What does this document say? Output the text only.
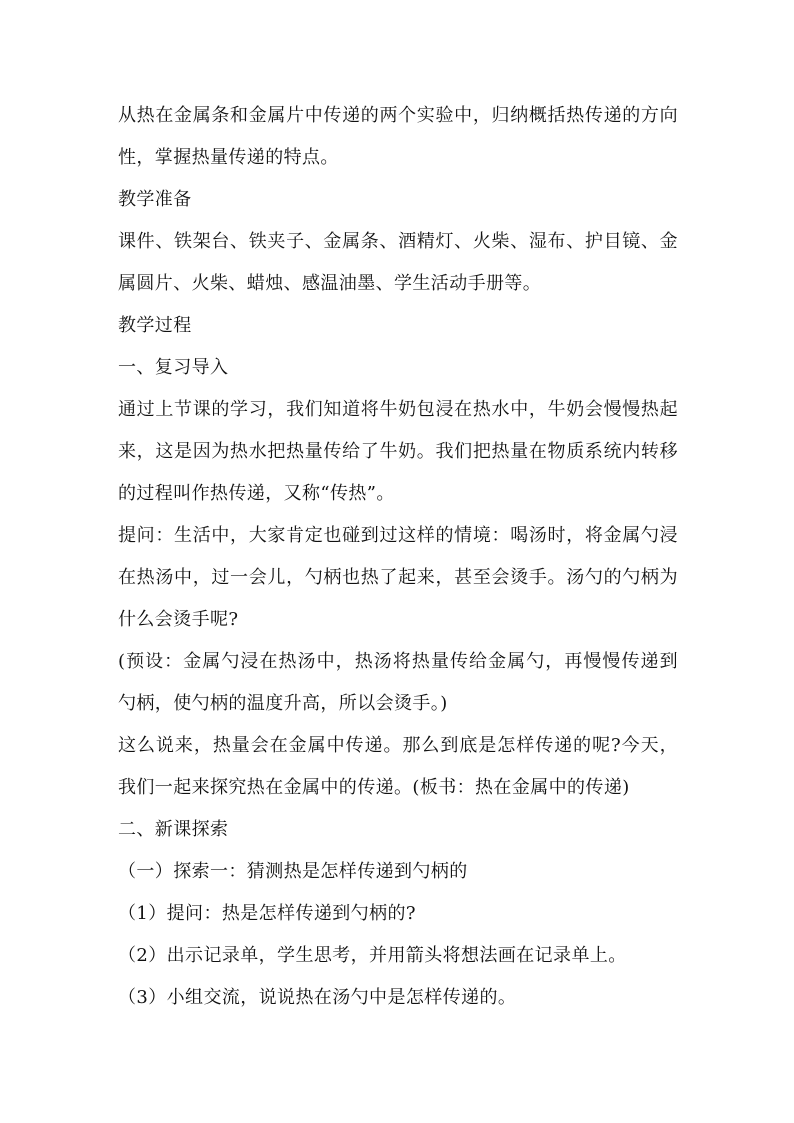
从热在金属条和金属片中传递的两个实验中，归纳概括热传递的方向

性，掌握热量传递的特点。

教学准备

课件、铁架台、铁夹子、金属条、酒精灯、火柴、湿布、护目镜、金

属圆片、火柴、蜡烛、感温油墨、学生活动手册等。

教学过程

一、复习导入

通过上节课的学习，我们知道将牛奶包浸在热水中，牛奶会慢慢热起

来，这是因为热水把热量传给了牛奶。我们把热量在物质系统内转移

的过程叫作热传递，又称“传热”。

提问：生活中，大家肯定也碰到过这样的情境：喝汤时，将金属勺浸

在热汤中，过一会儿，勺柄也热了起来，甚至会烫手。汤勺的勺柄为

什么会烫手呢?

(预设：金属勺浸在热汤中，热汤将热量传给金属勺，再慢慢传递到

勺柄，使勺柄的温度升高，所以会烫手。)

这么说来，热量会在金属中传递。那么到底是怎样传递的呢?今天，

我们一起来探究热在金属中的传递。(板书：热在金属中的传递)

二、新课探索

（一）探索一：猜测热是怎样传递到勺柄的

（1）提问：热是怎样传递到勺柄的?

（2）出示记录单，学生思考，并用箭头将想法画在记录单上。

（3）小组交流，说说热在汤勺中是怎样传递的。
